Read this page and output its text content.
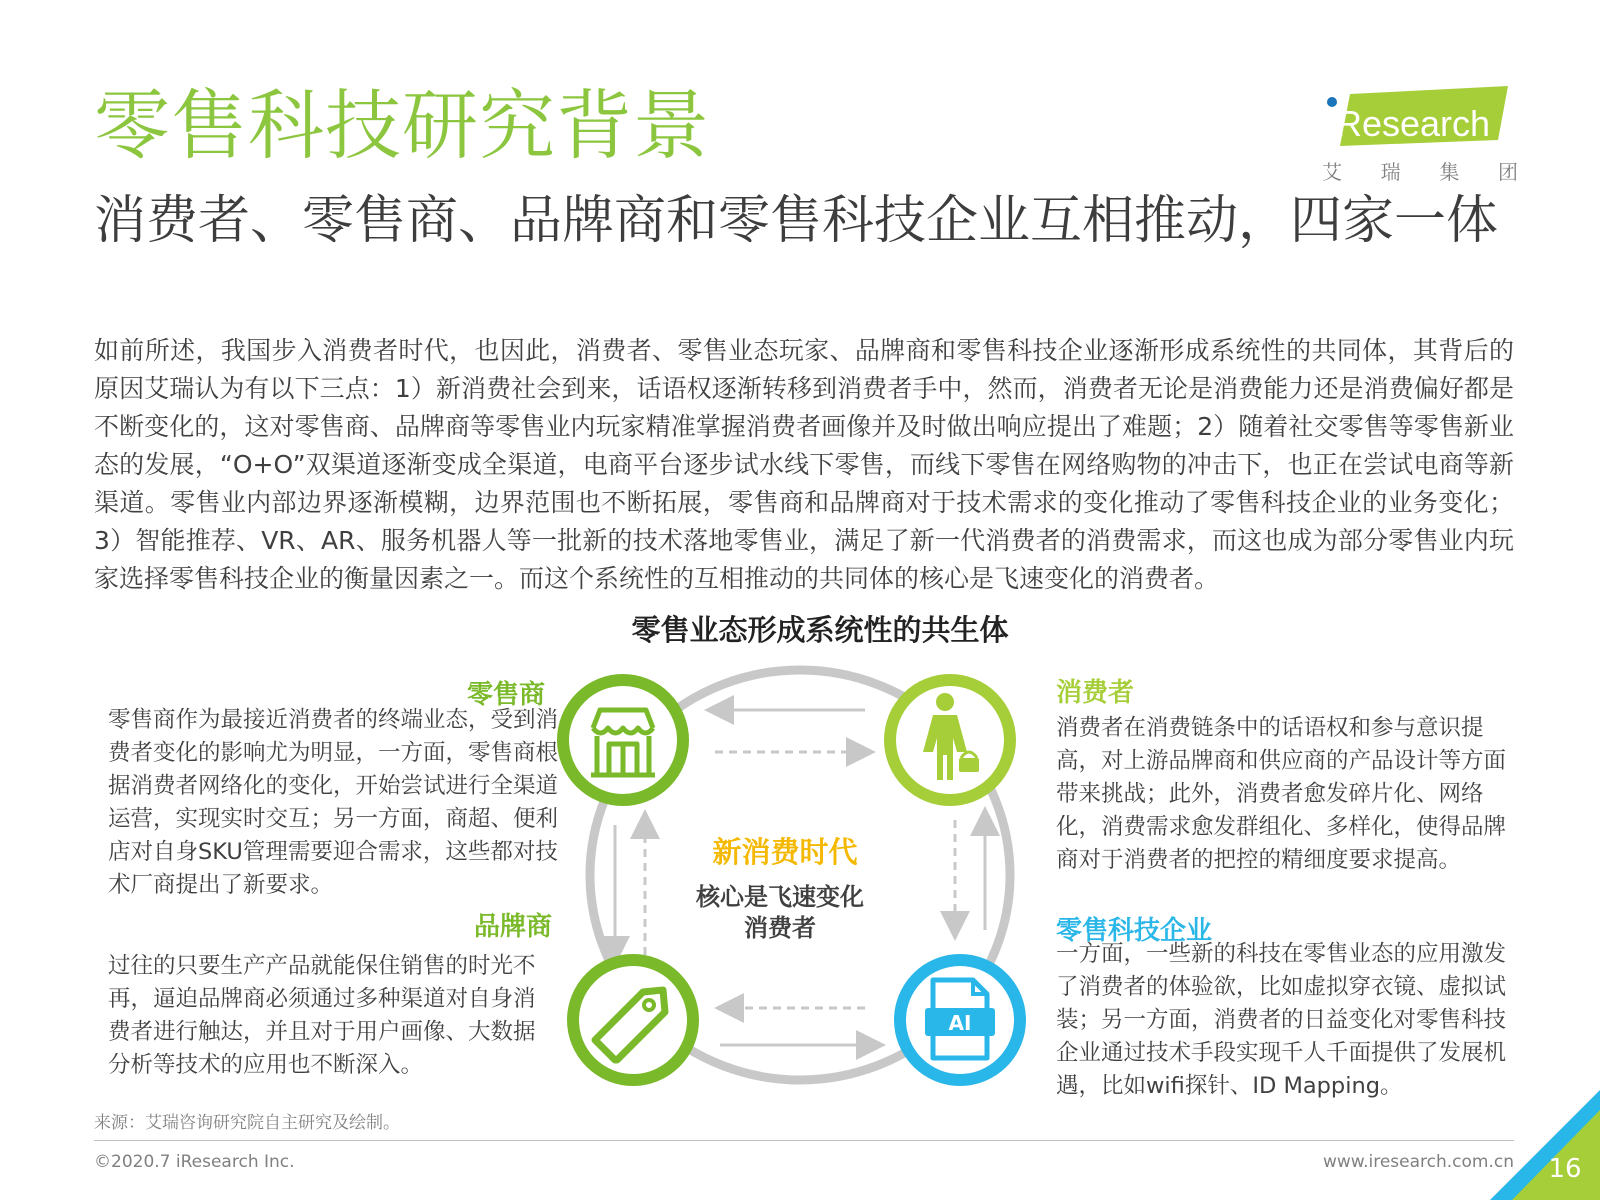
零售科技研究背景	iResearch
艾 瑞 集 团
消费者、零售商、品牌商和零售科技企业互相推动，四家一体
如前所述，我国步入消费者时代，也因此，消费者、零售业态玩家、品牌商和零售科技企业逐渐形成系统性的共同体，其背后的原因艾瑞认为有以下三点：1）新消费社会到来，话语权逐渐转移到消费者手中，然而，消费者无论是消费能力还是消费偏好都是不断变化的，这对零售商、品牌商等零售业内玩家精准掌握消费者画像并及时做出响应提出了难题；2）随着社交零售等零售新业态的发展，“O+O”双渠道逐渐变成全渠道，电商平台逐步试水线下零售，而线下零售在网络购物的冲击下，也正在尝试电商等新渠道。零售业内部边界逐渐模糊，边界范围也不断拓展，零售商和品牌商对于技术需求的变化推动了零售科技企业的业务变化；3）智能推荐、VR、AR、服务机器人等一批新的技术落地零售业，满足了新一代消费者的消费需求，而这也成为部分零售业内玩家选择零售科技企业的衡量因素之一。而这个系统性的互相推动的共同体的核心是飞速变化的消费者。
零售业态形成系统性的共生体
零售商
零售商作为最接近消费者的终端业态，受到消费者变化的影响尤为明显，一方面，零售商根据消费者网络化的变化，开始尝试进行全渠道运营，实现实时交互；另一方面，商超、便利店对自身SKU管理需要迎合需求，这些都对技术厂商提出了新要求。
品牌商
过往的只要生产产品就能保住销售的时光不再，逼迫品牌商必须通过多种渠道对自身消费者进行触达，并且对于用户画像、大数据分析等技术的应用也不断深入。
消费者
消费者在消费链条中的话语权和参与意识提高，对上游品牌商和供应商的产品设计等方面带来挑战；此外，消费者愈发碎片化、网络化，消费需求愈发群组化、多样化，使得品牌商对于消费者的把控的精细度要求提高。
零售科技企业
一方面，一些新的科技在零售业态的应用激发了消费者的体验欲，比如虚拟穿衣镜、虚拟试装；另一方面，消费者的日益变化对零售科技企业通过技术手段实现千人千面提供了发展机遇，比如wifi探针、ID Mapping。
AI
新消费时代
核心是飞速变化
消费者
来源：艾瑞咨询研究院自主研究及绘制。
©2020.7 iResearch Inc.	www.iresearch.com.cn	16
